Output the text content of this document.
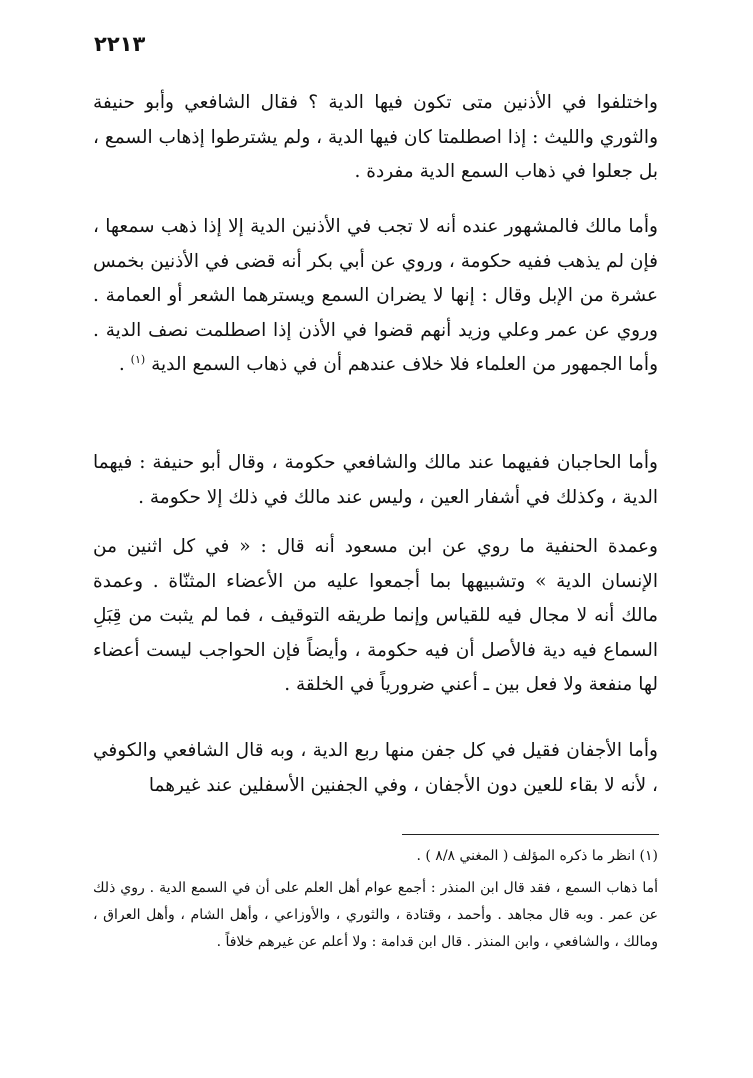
٢٢١٣

واختلفوا في الأذنين متى تكون فيها الدية ؟ فقال الشافعي وأبو حنيفة والثوري والليث : إذا اصطلمتا كان فيها الدية ، ولم يشترطوا إذهاب السمع ، بل جعلوا في ذهاب السمع الدية مفردة .

وأما مالك فالمشهور عنده أنه لا تجب في الأذنين الدية إلا إذا ذهب سمعها ، فإن لم يذهب ففيه حكومة ، وروي عن أبي بكر أنه قضى في الأذنين بخمس عشرة من الإبل وقال : إنها لا يضران السمع ويسترهما الشعر أو العمامة . وروي عن عمر وعلي وزيد أنهم قضوا في الأذن إذا اصطلمت نصف الدية . وأما الجمهور من العلماء فلا خلاف عندهم أن في ذهاب السمع الدية $^{(١)}$ .

وأما الحاجبان ففيهما عند مالك والشافعي حكومة ، وقال أبو حنيفة : فيهما الدية ، وكذلك في أشفار العين ، وليس عند مالك في ذلك إلا حكومة .

وعمدة الحنفية ما روي عن ابن مسعود أنه قال : « في كل اثنين من الإنسان الدية » وتشبيهها بما أجمعوا عليه من الأعضاء المثنّاة . وعمدة مالك أنه لا مجال فيه للقياس وإنما طريقه التوقيف ، فما لم يثبت من قِبَلِ السماع فيه دية فالأصل أن فيه حكومة ، وأيضاً فإن الحواجب ليست أعضاء لها منفعة ولا فعل بين ـ أعني ضرورياً في الخلقة .

وأما الأجفان فقيل في كل جفن منها ربع الدية ، وبه قال الشافعي والكوفي ، لأنه لا بقاء للعين دون الأجفان ، وفي الجفنين الأسفلين عند غيرهما

(١) انظر ما ذكره المؤلف ( المغني ٨/٨ ) .

أما ذهاب السمع ، فقد قال ابن المنذر : أجمع عوام أهل العلم على أن في السمع الدية . روي ذلك عن عمر . وبه قال مجاهد . وأحمد ، وقتادة ، والثوري ، والأوزاعي ، وأهل الشام ، وأهل العراق ، ومالك ، والشافعي ، وابن المنذر . قال ابن قدامة : ولا أعلم عن غيرهم خلافاً .
